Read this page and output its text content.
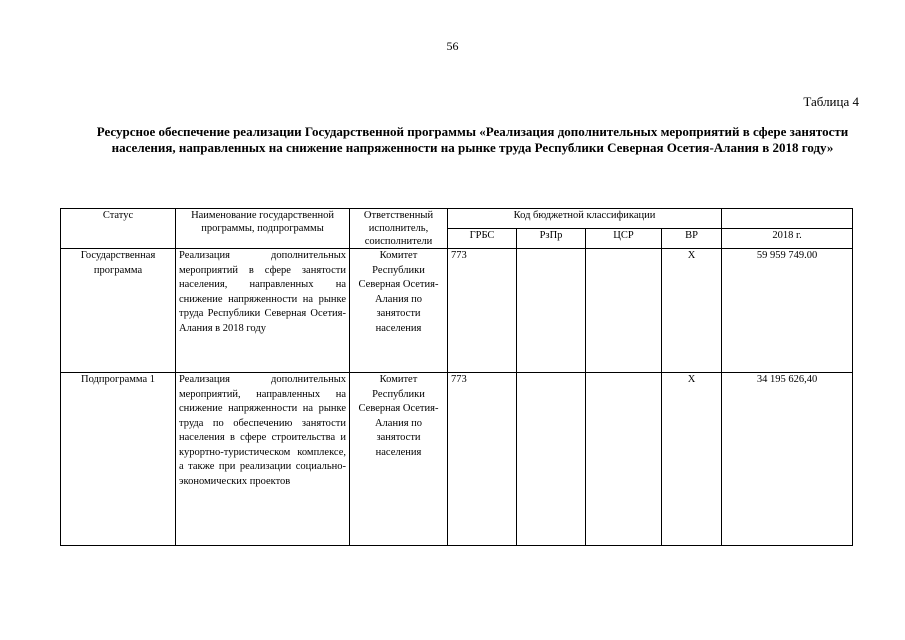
56
Таблица 4
Ресурсное обеспечение реализации Государственной программы «Реализация дополнительных мероприятий в сфере занятости населения, направленных на снижение напряженности на рынке труда Республики Северная Осетия-Алания в 2018 году»
Статус	Наименование государственной программы, подпрограммы	Ответственный исполнитель, соисполнители	Код бюджетной классификации				
			ГРБС	РзПр	ЦСР	ВР	2018 г.
Государственная программа	Реализация дополнительных мероприятий в сфере занятости населения, направленных на снижение напряженности на рынке труда Республики Северная Осетия-Алания в 2018 году	Комитет Республики Северная Осетия-Алания по занятости населения	773			Х	59 959 749.00
Подпрограмма 1	Реализация дополнительных мероприятий, направленных на снижение напряженности на рынке труда по обеспечению занятости населения в сфере строительства и курортно-туристическом комплексе, а также при реализации социально-экономических проектов	Комитет Республики Северная Осетия-Алания по занятости населения	773			Х	34 195 626,40
